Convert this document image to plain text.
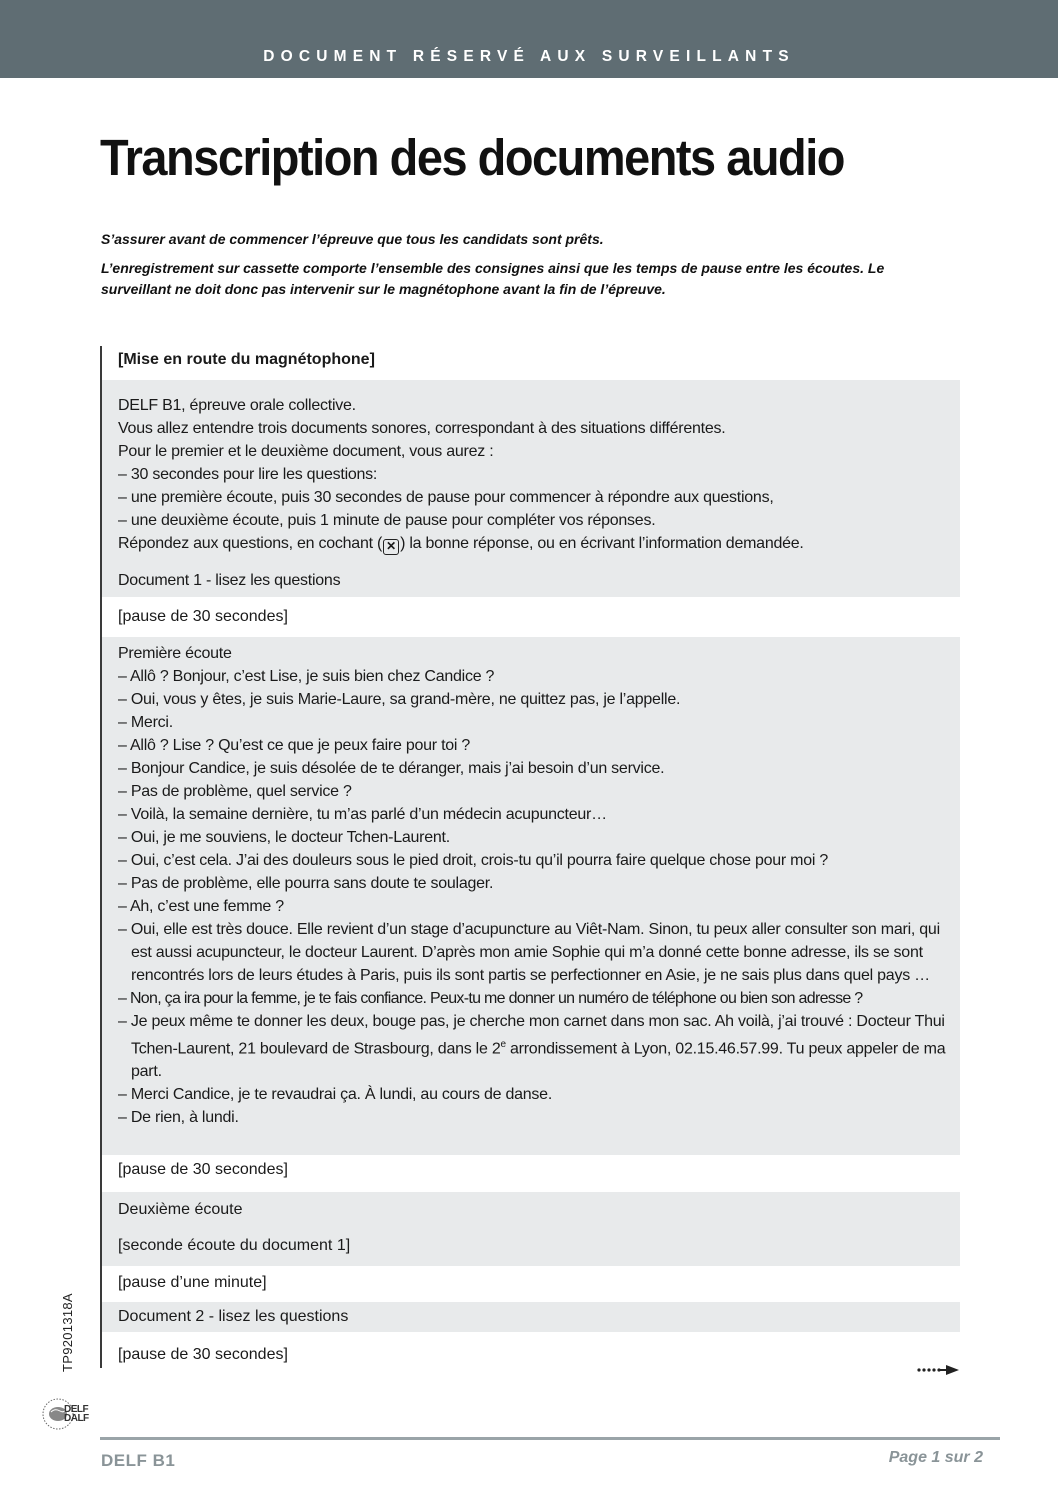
DOCUMENT RÉSERVÉ AUX SURVEILLANTS
Transcription des documents audio

S’assurer avant de commencer l’épreuve que tous les candidats sont prêts.

L’enregistrement sur cassette comporte l’ensemble des consignes ainsi que les temps de pause entre les écoutes. Le surveillant ne doit donc pas intervenir sur le magnétophone avant la fin de l’épreuve.

[Mise en route du magnétophone]
DELF B1, épreuve orale collective.
Vous allez entendre trois documents sonores, correspondant à des situations différentes.
Pour le premier et le deuxième document, vous aurez :
– 30 secondes pour lire les questions:
– une première écoute, puis 30 secondes de pause pour commencer à répondre aux questions,
– une deuxième écoute, puis 1 minute de pause pour compléter vos réponses.
Répondez aux questions, en cochant ( ✕ ) la bonne réponse, ou en écrivant l’information demandée.
Document 1 - lisez les questions
[pause de 30 secondes]
Première écoute
– Allô ? Bonjour, c’est Lise, je suis bien chez Candice ?
– Oui, vous y êtes, je suis Marie-Laure, sa grand-mère, ne quittez pas, je l’appelle.
– Merci.
– Allô ? Lise ? Qu’est ce que je peux faire pour toi ?
– Bonjour Candice, je suis désolée de te déranger, mais j’ai besoin d’un service.
– Pas de problème, quel service ?
– Voilà, la semaine dernière, tu m’as parlé d’un médecin acupuncteur…
– Oui, je me souviens, le docteur Tchen-Laurent.
– Oui, c’est cela. J’ai des douleurs sous le pied droit, crois-tu qu’il pourra faire quelque chose pour moi ?
– Pas de problème, elle pourra sans doute te soulager.
– Ah, c’est une femme ?
– Oui, elle est très douce. Elle revient d’un stage d’acupuncture au Viêt-Nam. Sinon, tu peux aller consulter son mari, qui est aussi acupuncteur, le docteur Laurent. D’après mon amie Sophie qui m’a donné cette bonne adresse, ils se sont rencontrés lors de leurs études à Paris, puis ils sont partis se perfectionner en Asie, je ne sais plus dans quel pays …
– Non, ça ira pour la femme, je te fais confiance. Peux-tu me donner un numéro de téléphone ou bien son adresse ?
– Je peux même te donner les deux, bouge pas, je cherche mon carnet dans mon sac. Ah voilà, j’ai trouvé : Docteur Thui Tchen-Laurent, 21 boulevard de Strasbourg, dans le 2e arrondissement à Lyon, 02.15.46.57.99. Tu peux appeler de ma part.
– Merci Candice, je te revaudrai ça. À lundi, au cours de danse.
– De rien, à lundi.
[pause de 30 secondes]
Deuxième écoute
[seconde écoute du document 1]
[pause d’une minute]
Document 2 - lisez les questions
[pause de 30 secondes]
TP9201318A
DELF DALF
DELF B1	Page 1 sur 2
